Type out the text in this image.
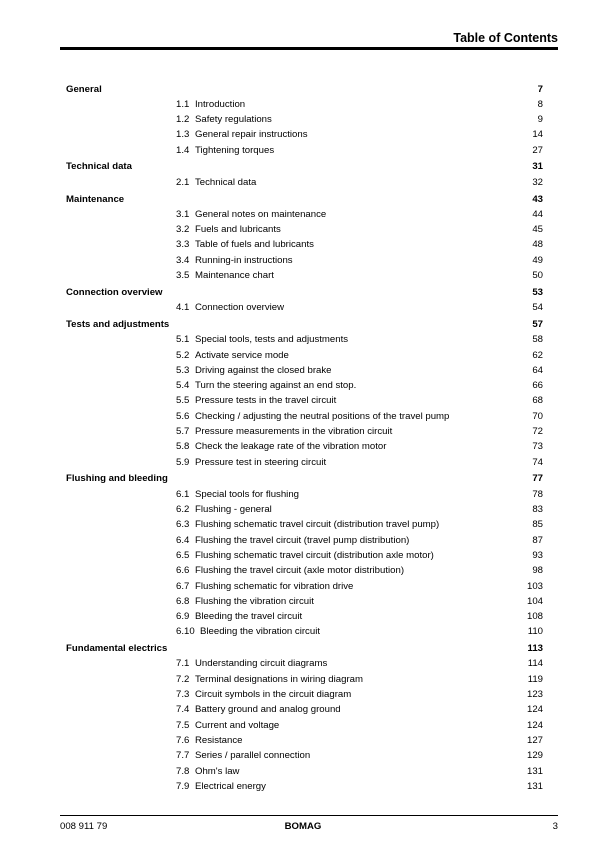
Table of Contents
General	7
1.1 Introduction	8
1.2 Safety regulations	9
1.3 General repair instructions	14
1.4 Tightening torques	27
Technical data	31
2.1 Technical data	32
Maintenance	43
3.1 General notes on maintenance	44
3.2 Fuels and lubricants	45
3.3 Table of fuels and lubricants	48
3.4 Running-in instructions	49
3.5 Maintenance chart	50
Connection overview	53
4.1 Connection overview	54
Tests and adjustments	57
5.1 Special tools, tests and adjustments	58
5.2 Activate service mode	62
5.3 Driving against the closed brake	64
5.4 Turn the steering against an end stop.	66
5.5 Pressure tests in the travel circuit	68
5.6 Checking / adjusting the neutral positions of the travel pump	70
5.7 Pressure measurements in the vibration circuit	72
5.8 Check the leakage rate of the vibration motor	73
5.9 Pressure test in steering circuit	74
Flushing and bleeding	77
6.1 Special tools for flushing	78
6.2 Flushing - general	83
6.3 Flushing schematic travel circuit (distribution travel pump)	85
6.4 Flushing the travel circuit (travel pump distribution)	87
6.5 Flushing schematic travel circuit (distribution axle motor)	93
6.6 Flushing the travel circuit (axle motor distribution)	98
6.7 Flushing schematic for vibration drive	103
6.8 Flushing the vibration circuit	104
6.9 Bleeding the travel circuit	108
6.10 Bleeding the vibration circuit	110
Fundamental electrics	113
7.1 Understanding circuit diagrams	114
7.2 Terminal designations in wiring diagram	119
7.3 Circuit symbols in the circuit diagram	123
7.4 Battery ground and analog ground	124
7.5 Current and voltage	124
7.6 Resistance	127
7.7 Series / parallel connection	129
7.8 Ohm's law	131
7.9 Electrical energy	131
008 911 79	BOMAG	3
